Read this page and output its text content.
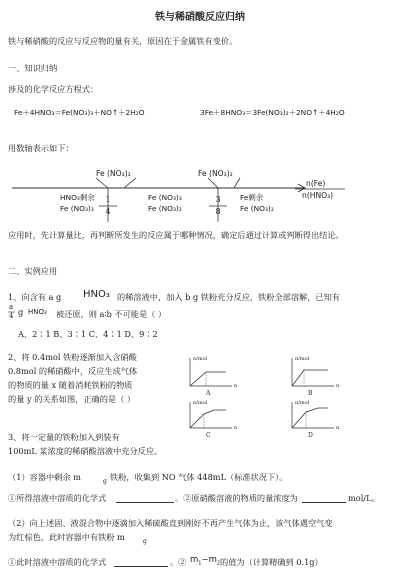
铁与稀硝酸反应归纳
铁与稀硝酸的反应与反应物的量有关，原因在于金属铁有变价。
一、知识归纳
涉及的化学反应方程式：
Fe＋4HNO₃＝Fe(NO₃)₃＋NO↑＋2H₂O	3Fe＋8HNO₃＝3Fe(NO₃)₂＋2NO↑＋4H₂O
用数轴表示如下：
Fe (NO₃)₃	Fe (NO₃)₂
n(Fe)
n(HNO₃)
HNO₃剩余
Fe (NO₃)₃
Fe (NO₃)₃
Fe (NO₃)₂
Fe剩余
Fe (NO₃)₂
1
4
3
8
应用时，先计算量比，再判断所发生的反应属于哪种情况，确定后通过计算或判断得出结论。
二、实例应用
1、向含有 a g HNO₃ 的稀溶液中，加入 b g 铁粉充分反应，铁粉全部溶解，已知有
a
4 g HNO₃ 被还原，则 a∶b 不可能是（ ）
A、2∶1 B、3∶1 C、4∶1 D、9∶2
2、将 0.4mol 铁粉逐渐加入含硝酸
0.8mol 的稀硝酸中，反应生成气体
的物质的量 x 随着消耗铁粉的物质
的量 y 的关系如图，正确的是（ ）
n/mol	n/mol
n/mol	n/mol
n	n
n	n
A	B
C	D
3、将一定量的铁粉加入到装有
100mL 某浓度的稀硝酸溶液中充分反应。
（1）容器中剩余 m	g 铁粉，收集到 NO 气体 448mL（标准状况下）。
①所得溶液中溶质的化学式	。②原硝酸溶液的物质的量浓度为	mol/L。
（2）向上述固、液混合物中逐滴加入稀硫酸直到刚好不再产生气体为止，该气体遇空气变
为红棕色，此时容器中有铁粉 m	g
①此时溶液中溶质的化学式	。② $m_1-m_2$ 的值为（计算精确到 0.1g）
